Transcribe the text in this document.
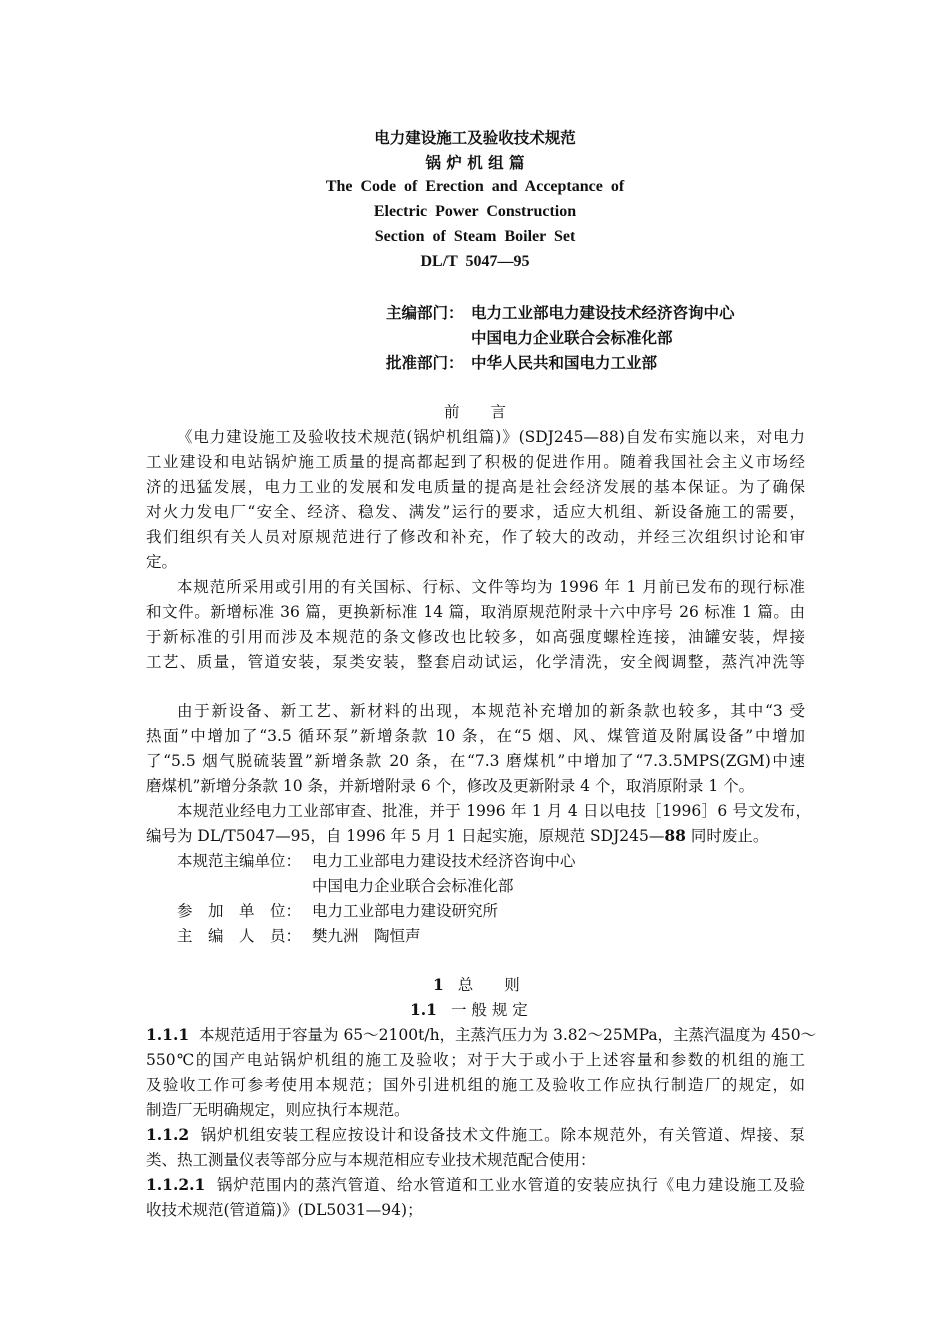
电力建设施工及验收技术规范
锅 炉 机 组 篇
The  Code  of  Erection  and  Acceptance  of
Electric  Power  Construction
Section  of  Steam  Boiler  Set
DL/T  5047—95
主编部门： 电力工业部电力建设技术经济咨询中心
中国电力企业联合会标准化部
批准部门： 中华人民共和国电力工业部
前　　言
《电力建设施工及验收技术规范(锅炉机组篇)》(SDJ245—88)自发布实施以来，对电力
工业建设和电站锅炉施工质量的提高都起到了积极的促进作用。随着我国社会主义市场经
济的迅猛发展，电力工业的发展和发电质量的提高是社会经济发展的基本保证。为了确保
对火力发电厂“安全、经济、稳发、满发”运行的要求，适应大机组、新设备施工的需要，
我们组织有关人员对原规范进行了修改和补充，作了较大的改动，并经三次组织讨论和审
定。
本规范所采用或引用的有关国标、行标、文件等均为 1996 年 1 月前已发布的现行标准
和文件。新增标准 36 篇，更换新标准 14 篇，取消原规范附录十六中序号 26 标准 1 篇。由
于新标准的引用而涉及本规范的条文修改也比较多，如高强度螺栓连接，油罐安装，焊接
工艺、质量，管道安装，泵类安装，整套启动试运，化学清洗，安全阀调整，蒸汽冲洗等
由于新设备、新工艺、新材料的出现，本规范补充增加的新条款也较多，其中“3 受
热面”中增加了“3.5 循环泵”新增条款 10 条，在“5 烟、风、煤管道及附属设备”中增加
了“5.5 烟气脱硫装置”新增条款 20 条，在“7.3 磨煤机”中增加了“7.3.5MPS(ZGM)中速
磨煤机”新增分条款 10 条，并新增附录 6 个，修改及更新附录 4 个，取消原附录 1 个。
本规范业经电力工业部审查、批准，并于 1996 年 1 月 4 日以电技［1996］6 号文发布，
编号为 DL/T5047—95，自 1996 年 5 月 1 日起实施，原规范 SDJ245—88 同时废止。
本规范主编单位： 电力工业部电力建设技术经济咨询中心
中国电力企业联合会标准化部
参　加　单　位： 电力工业部电力建设研究所
主　编　人　员： 樊九洲　陶恒声
1 总　　则
1.1 一 般 规 定
1.1.1 本规范适用于容量为 65～2100t/h，主蒸汽压力为 3.82～25MPa，主蒸汽温度为 450～
550℃的国产电站锅炉机组的施工及验收；对于大于或小于上述容量和参数的机组的施工
及验收工作可参考使用本规范；国外引进机组的施工及验收工作应执行制造厂的规定，如
制造厂无明确规定，则应执行本规范。
1.1.2 锅炉机组安装工程应按设计和设备技术文件施工。除本规范外，有关管道、焊接、泵
类、热工测量仪表等部分应与本规范相应专业技术规范配合使用：
1.1.2.1 锅炉范围内的蒸汽管道、给水管道和工业水管道的安装应执行《电力建设施工及验
收技术规范(管道篇)》(DL5031—94)；
